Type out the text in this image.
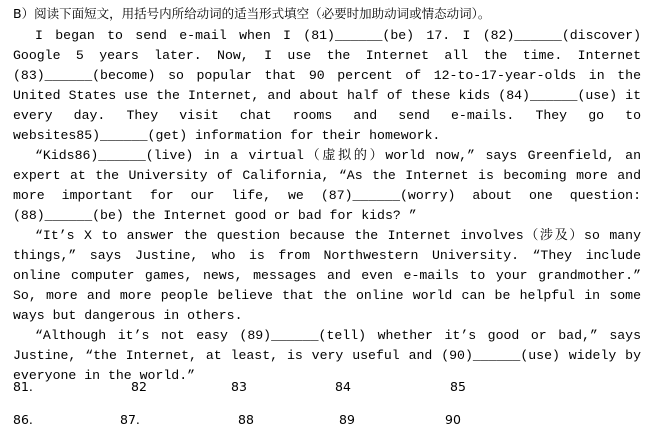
B）阅读下面短文，用括号内所给动词的适当形式填空（必要时加助动词或情态动词）。

I began to send e-mail when I (81)______(be) 17. I (82)______(discover) Google 5 years later. Now, I use the Internet all the time. Internet (83)______(become) so popular that 90 percent of 12-to-17-year-olds in the United States use the Internet, and about half of these kids (84)______(use) it every day. They visit chat rooms and send e-mails. They go to websites85)______(get) information for their homework.

“Kids86)______(live) in a virtual（虚拟的）world now,” says Greenfield, an expert at the University of California, “As the Internet is becoming more and more important for our life, we (87)______(worry) about one question: (88)______(be) the Internet good or bad for kids? ”

“It’s X to answer the question because the Internet involves（涉及）so many things,” says Justine, who is from Northwestern University. “They include online computer games, news, messages and even e-mails to your grandmother.” So, more and more people believe that the online world can be helpful in some ways but dangerous in others.

“Although it’s not easy (89)______(tell) whether it’s good or bad,” says Justine, “the Internet, at least, is very useful and (90)______(use) widely by everyone in the world.”

81.	82	83	84	85
86.	87.	88	89	90
